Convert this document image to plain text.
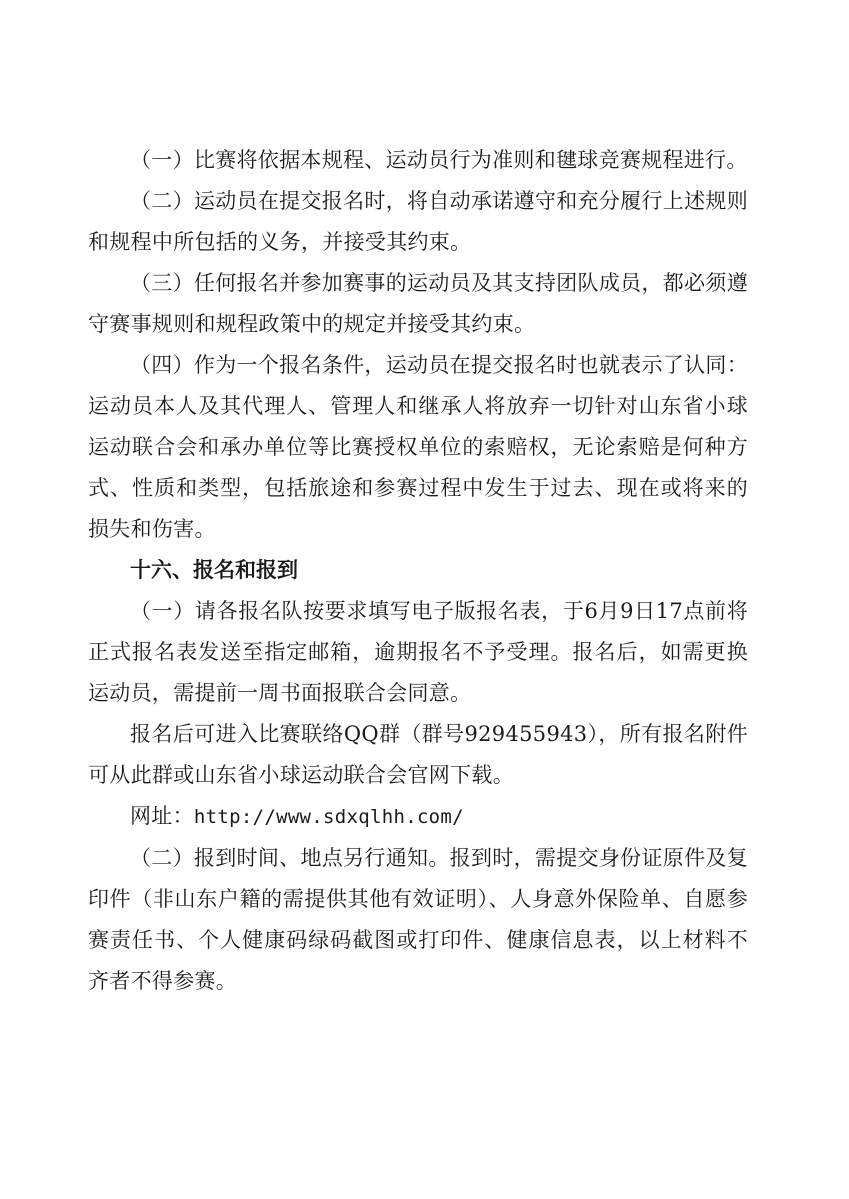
（一）比赛将依据本规程、运动员行为准则和毽球竞赛规程进行。

（二）运动员在提交报名时，将自动承诺遵守和充分履行上述规则和规程中所包括的义务，并接受其约束。

（三）任何报名并参加赛事的运动员及其支持团队成员，都必须遵守赛事规则和规程政策中的规定并接受其约束。

（四）作为一个报名条件，运动员在提交报名时也就表示了认同：运动员本人及其代理人、管理人和继承人将放弃一切针对山东省小球运动联合会和承办单位等比赛授权单位的索赔权，无论索赔是何种方式、性质和类型，包括旅途和参赛过程中发生于过去、现在或将来的损失和伤害。

十六、报名和报到

（一）请各报名队按要求填写电子版报名表，于6月9日17点前将正式报名表发送至指定邮箱，逾期报名不予受理。报名后，如需更换运动员，需提前一周书面报联合会同意。

报名后可进入比赛联络QQ群（群号929455943），所有报名附件可从此群或山东省小球运动联合会官网下载。

网址：http://www.sdxqlhh.com/

（二）报到时间、地点另行通知。报到时，需提交身份证原件及复印件（非山东户籍的需提供其他有效证明）、人身意外保险单、自愿参赛责任书、个人健康码绿码截图或打印件、健康信息表，以上材料不齐者不得参赛。
